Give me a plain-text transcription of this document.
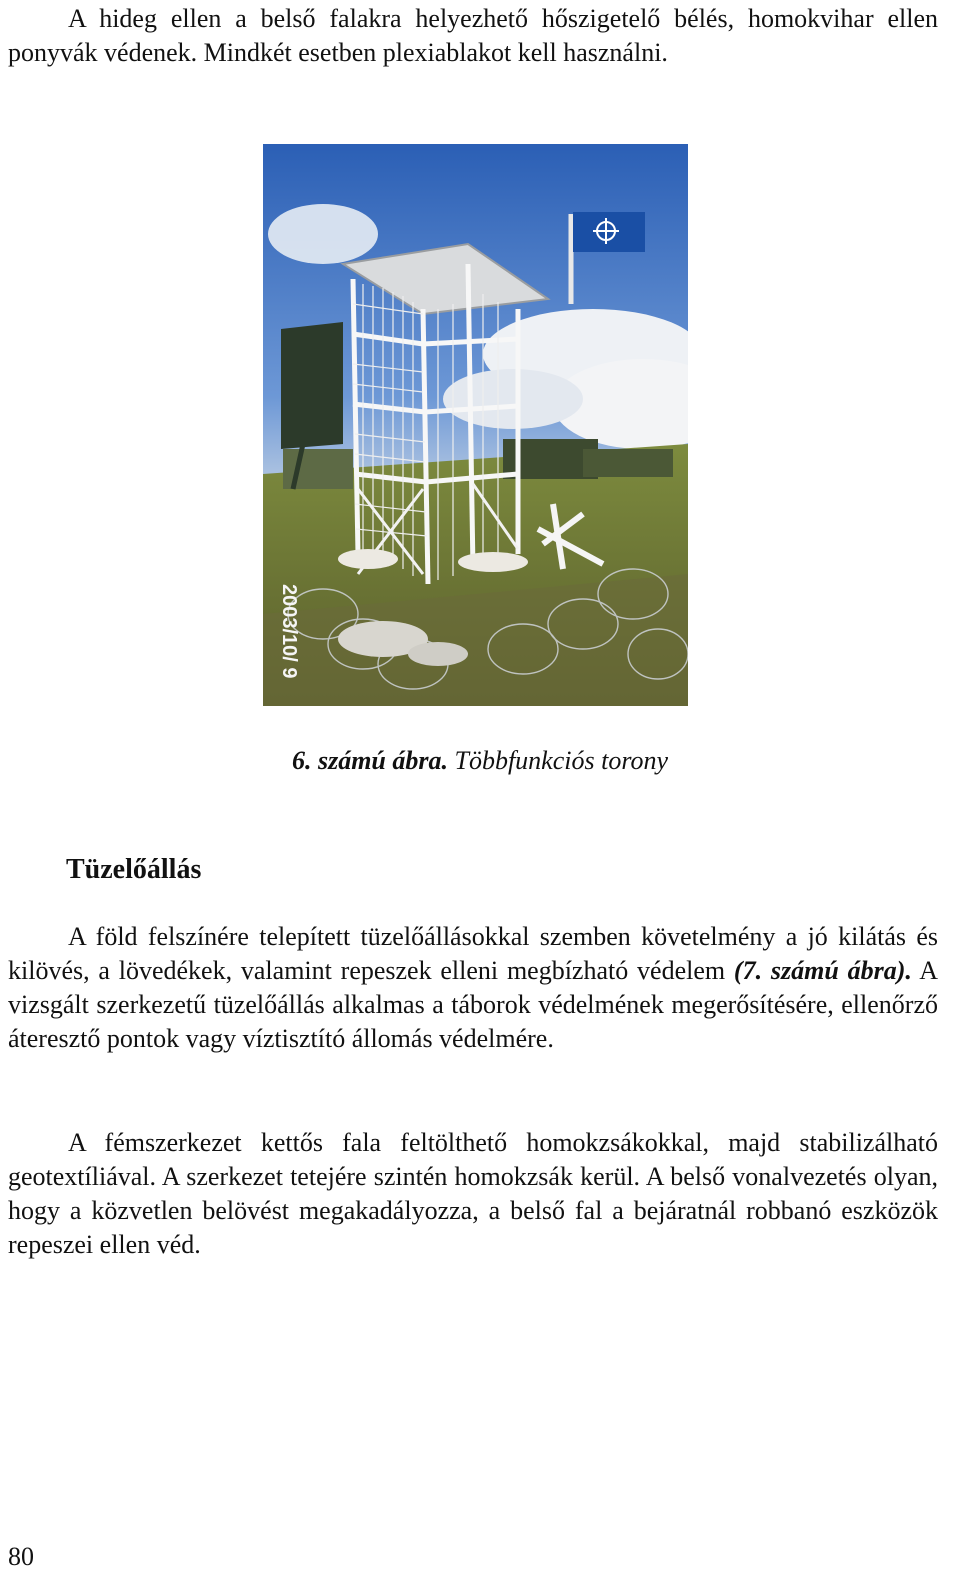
A hideg ellen a belső falakra helyezhető hőszigetelő bélés, homokvihar ellen ponyvák védenek. Mindkét esetben plexiablakot kell használni.

2003/10/ 9
6. számú ábra. Többfunkciós torony
Tüzelőállás

A föld felszínére telepített tüzelőállásokkal szemben követelmény a jó kilátás és kilövés, a lövedékek, valamint repeszek elleni megbízható védelem (7. számú ábra). A vizsgált szerkezetű tüzelőállás alkalmas a táborok védelmének megerősítésére, ellenőrző áteresztő pontok vagy víztisztító állomás védelmére.

A fémszerkezet kettős fala feltölthető homokzsákokkal, majd stabilizálható geotextíliával. A szerkezet tetejére szintén homokzsák kerül. A belső vonalvezetés olyan, hogy a közvetlen belövést megakadályozza, a belső fal a bejáratnál robbanó eszközök repeszei ellen véd.

80
